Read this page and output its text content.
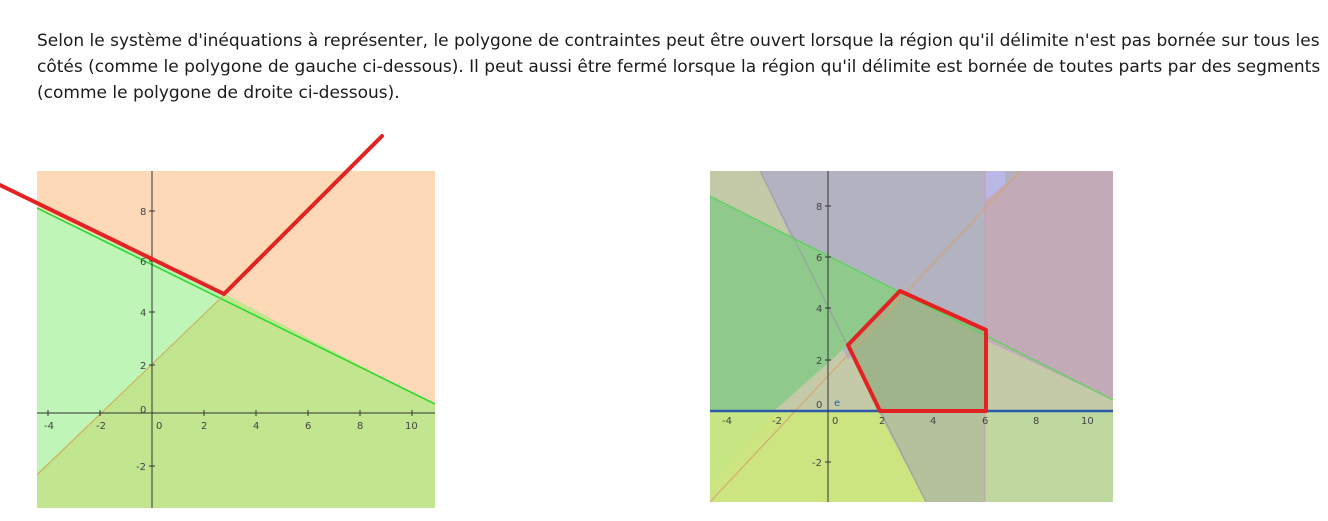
Selon le système d'inéquations à représenter, le polygone de contraintes peut être ouvert lorsque la région qu'il délimite n'est pas bornée sur tous les côtés (comme le polygone de gauche ci-dessous). Il peut aussi être fermé lorsque la région qu'il délimite est bornée de toutes parts par des segments (comme le polygone de droite ci-dessous).

-4	-2	0	2	4	6	8	10
8
6
4
2
0
-2
-4	-2	0	2	4	6	8	10
8
6
4
2
0
-2
e
